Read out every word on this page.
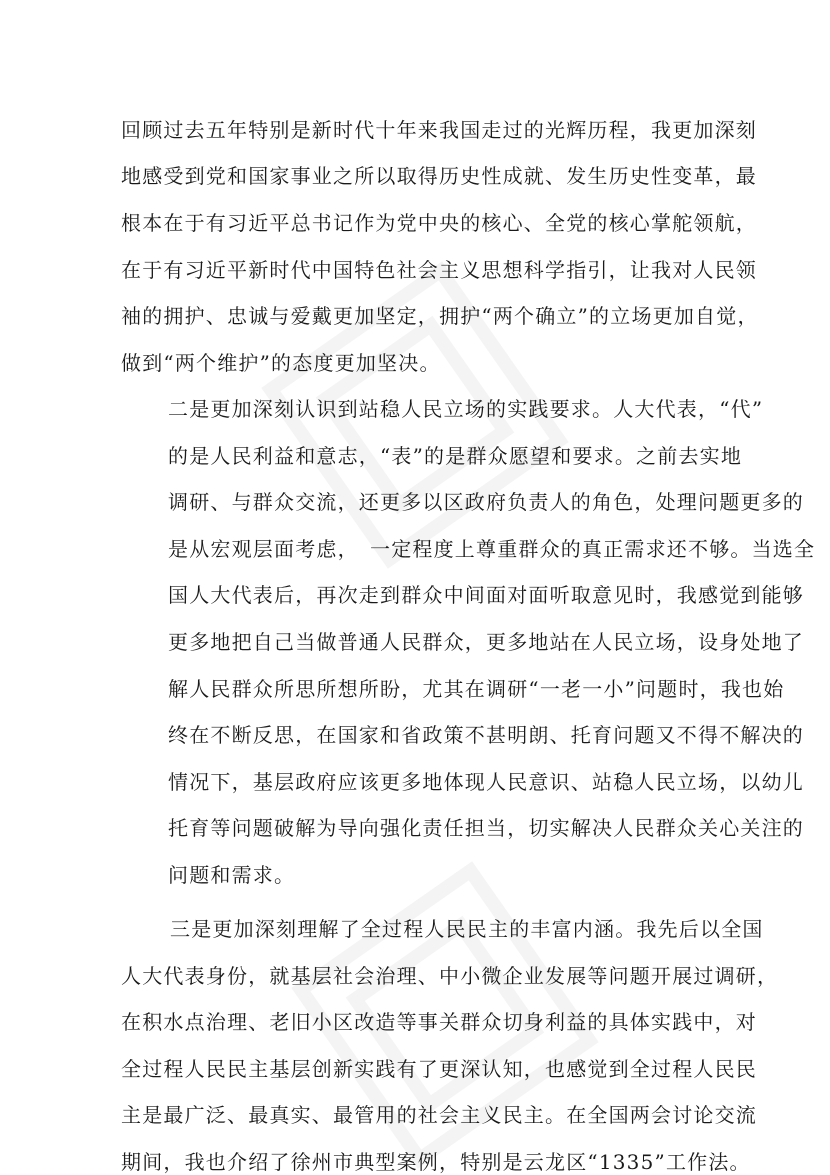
回顾过去五年特别是新时代十年来我国走过的光辉历程，我更加深刻
地感受到党和国家事业之所以取得历史性成就、发生历史性变革，最
根本在于有习近平总书记作为党中央的核心、全党的核心掌舵领航，
在于有习近平新时代中国特色社会主义思想科学指引，让我对人民领
袖的拥护、忠诚与爱戴更加坚定，拥护“两个确立”的立场更加自觉，
做到“两个维护”的态度更加坚决。
二是更加深刻认识到站稳人民立场的实践要求。人大代表，“代”
的是人民利益和意志，“表”的是群众愿望和要求。之前去实地
调研、与群众交流，还更多以区政府负责人的角色，处理问题更多的
是从宏观层面考虑，　一定程度上尊重群众的真正需求还不够。当选全
国人大代表后，再次走到群众中间面对面听取意见时，我感觉到能够
更多地把自己当做普通人民群众，更多地站在人民立场，设身处地了
解人民群众所思所想所盼，尤其在调研“一老一小”问题时，我也始
终在不断反思，在国家和省政策不甚明朗、托育问题又不得不解决的
情况下，基层政府应该更多地体现人民意识、站稳人民立场，以幼儿
托育等问题破解为导向强化责任担当，切实解决人民群众关心关注的
问题和需求。
三是更加深刻理解了全过程人民民主的丰富内涵。我先后以全国
人大代表身份，就基层社会治理、中小微企业发展等问题开展过调研，
在积水点治理、老旧小区改造等事关群众切身利益的具体实践中，对
全过程人民民主基层创新实践有了更深认知，也感觉到全过程人民民
主是最广泛、最真实、最管用的社会主义民主。在全国两会讨论交流
期间，我也介绍了徐州市典型案例，特别是云龙区“1335”工作法。
